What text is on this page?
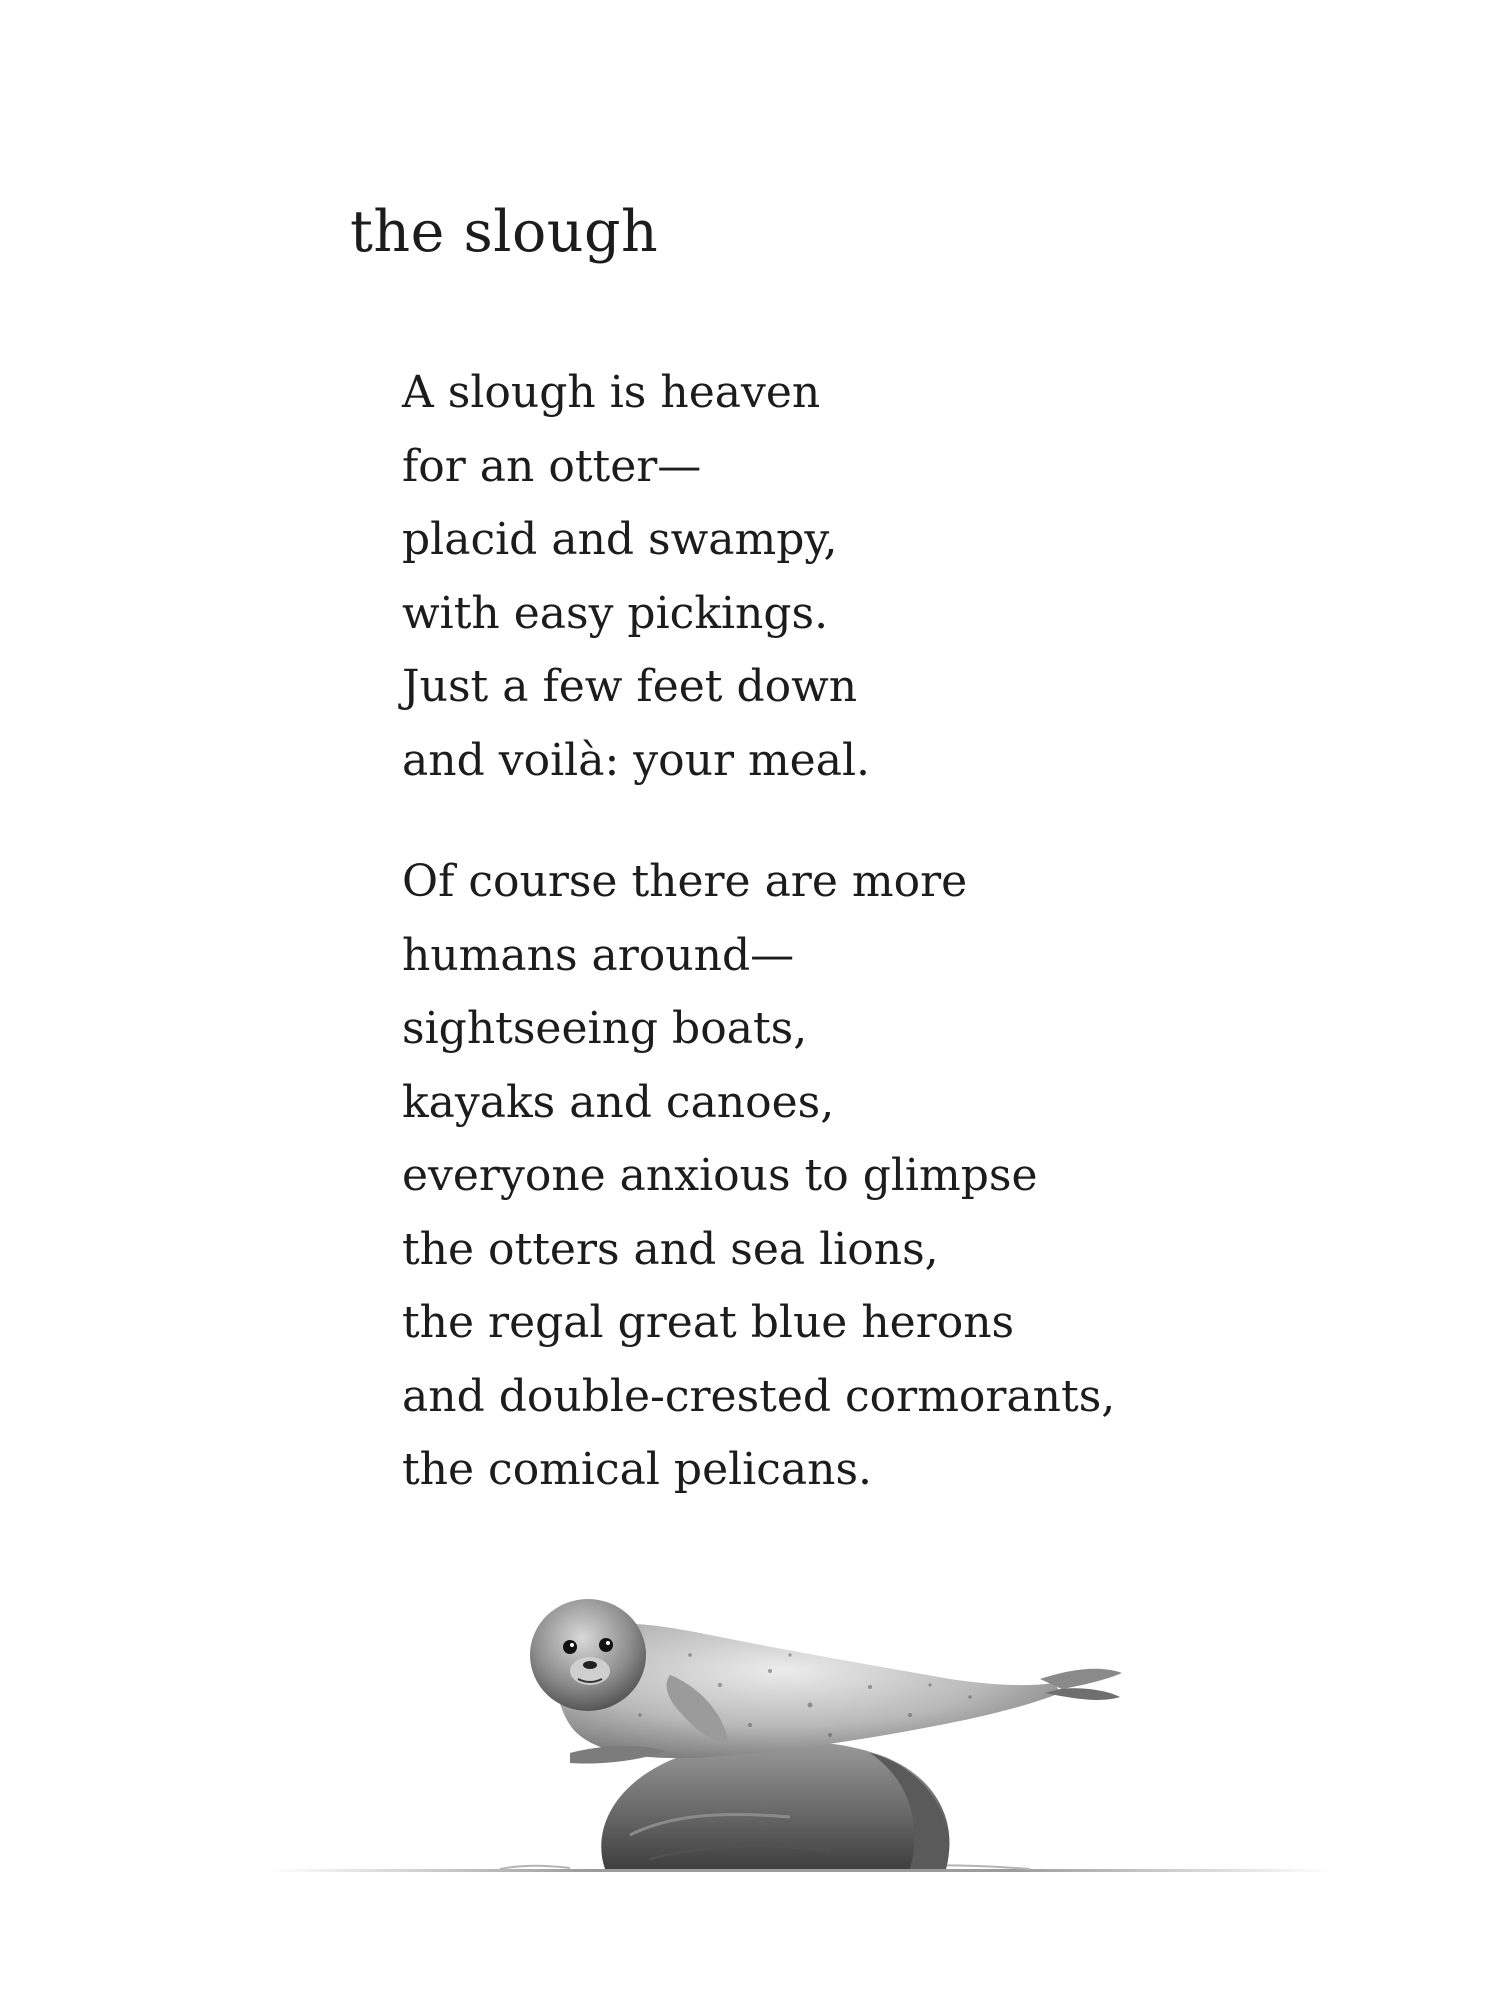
the slough

A slough is heaven
for an otter—
placid and swampy,
with easy pickings.
Just a few feet down
and voilà: your meal.

Of course there are more
humans around—
sightseeing boats,
kayaks and canoes,
everyone anxious to glimpse
the otters and sea lions,
the regal great blue herons
and double-crested cormorants,
the comical pelicans.
